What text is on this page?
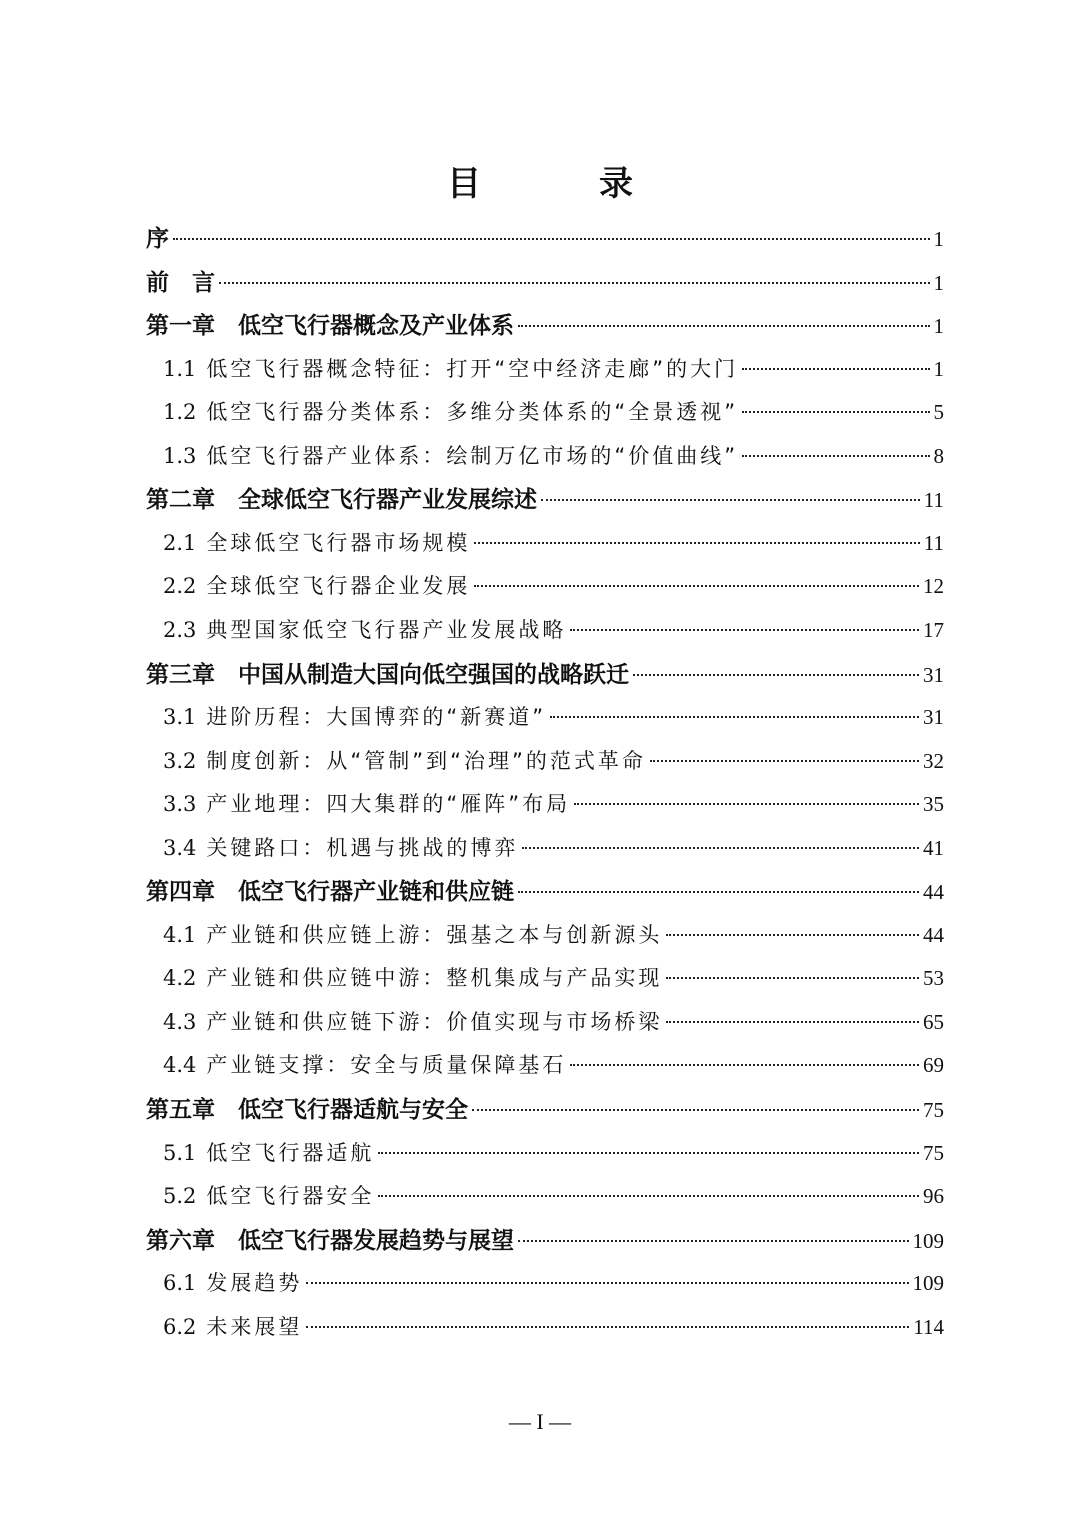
目　录
序	1
前　言	1
第一章　低空飞行器概念及产业体系	1
1.1 低空飞行器概念特征：打开“空中经济走廊”的大门	1
1.2 低空飞行器分类体系：多维分类体系的“全景透视”	5
1.3 低空飞行器产业体系：绘制万亿市场的“价值曲线”	8
第二章　全球低空飞行器产业发展综述	11
2.1 全球低空飞行器市场规模	11
2.2 全球低空飞行器企业发展	12
2.3 典型国家低空飞行器产业发展战略	17
第三章　中国从制造大国向低空强国的战略跃迁	31
3.1 进阶历程：大国博弈的“新赛道”	31
3.2 制度创新：从“管制”到“治理”的范式革命	32
3.3 产业地理：四大集群的“雁阵”布局	35
3.4 关键路口：机遇与挑战的博弈	41
第四章　低空飞行器产业链和供应链	44
4.1 产业链和供应链上游：强基之本与创新源头	44
4.2 产业链和供应链中游：整机集成与产品实现	53
4.3 产业链和供应链下游：价值实现与市场桥梁	65
4.4 产业链支撑：安全与质量保障基石	69
第五章　低空飞行器适航与安全	75
5.1 低空飞行器适航	75
5.2 低空飞行器安全	96
第六章　低空飞行器发展趋势与展望	109
6.1 发展趋势	109
6.2 未来展望	114
— I —
